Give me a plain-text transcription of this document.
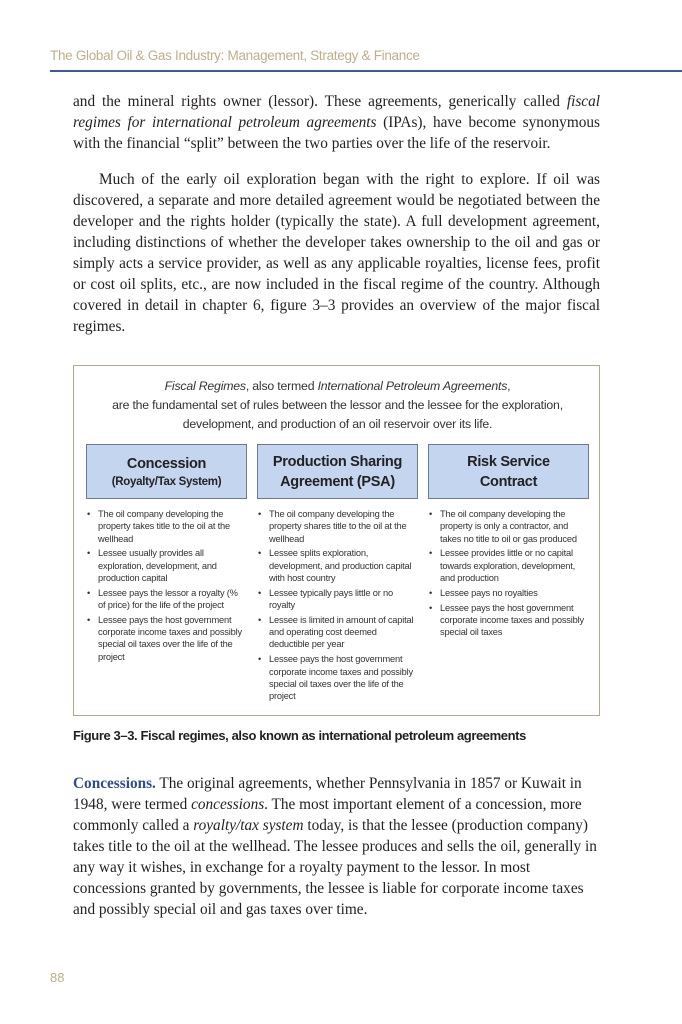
The Global Oil & Gas Industry: Management, Strategy & Finance

and the mineral rights owner (lessor). These agreements, generically called fiscal regimes for international petroleum agreements (IPAs), have become synonymous with the financial “split” between the two parties over the life of the reservoir.

Much of the early oil exploration began with the right to explore. If oil was discovered, a separate and more detailed agreement would be negotiated between the developer and the rights holder (typically the state). A full development agreement, including distinctions of whether the developer takes ownership to the oil and gas or simply acts a service provider, as well as any applicable royalties, license fees, profit or cost oil splits, etc., are now included in the fiscal regime of the country. Although covered in detail in chapter 6, figure 3–3 provides an overview of the major fiscal regimes.

Fiscal Regimes, also termed International Petroleum Agreements,
are the fundamental set of rules between the lessor and the lessee for the exploration, development, and production of an oil reservoir over its life.
Concession
(Royalty/Tax System)
• The oil company developing the property takes title to the oil at the wellhead
• Lessee usually provides all exploration, development, and production capital
• Lessee pays the lessor a royalty (% of price) for the life of the project
• Lessee pays the host government corporate income taxes and possibly special oil taxes over the life of the project
Production Sharing
Agreement (PSA)
• The oil company developing the property shares title to the oil at the wellhead
• Lessee splits exploration, development, and production capital with host country
• Lessee typically pays little or no royalty
• Lessee is limited in amount of capital and operating cost deemed deductible per year
• Lessee pays the host government corporate income taxes and possibly special oil taxes over the life of the project
Risk Service
Contract
• The oil company developing the property is only a contractor, and takes no title to oil or gas produced
• Lessee provides little or no capital towards exploration, development, and production
• Lessee pays no royalties
• Lessee pays the host government corporate income taxes and possibly special oil taxes
Figure 3–3. Fiscal regimes, also known as international petroleum agreements

Concessions. The original agreements, whether Pennsylvania in 1857 or Kuwait in 1948, were termed concessions. The most important element of a concession, more commonly called a royalty/tax system today, is that the lessee (production company) takes title to the oil at the wellhead. The lessee produces and sells the oil, generally in any way it wishes, in exchange for a royalty payment to the lessor. In most concessions granted by governments, the lessee is liable for corporate income taxes and possibly special oil and gas taxes over time.

88
